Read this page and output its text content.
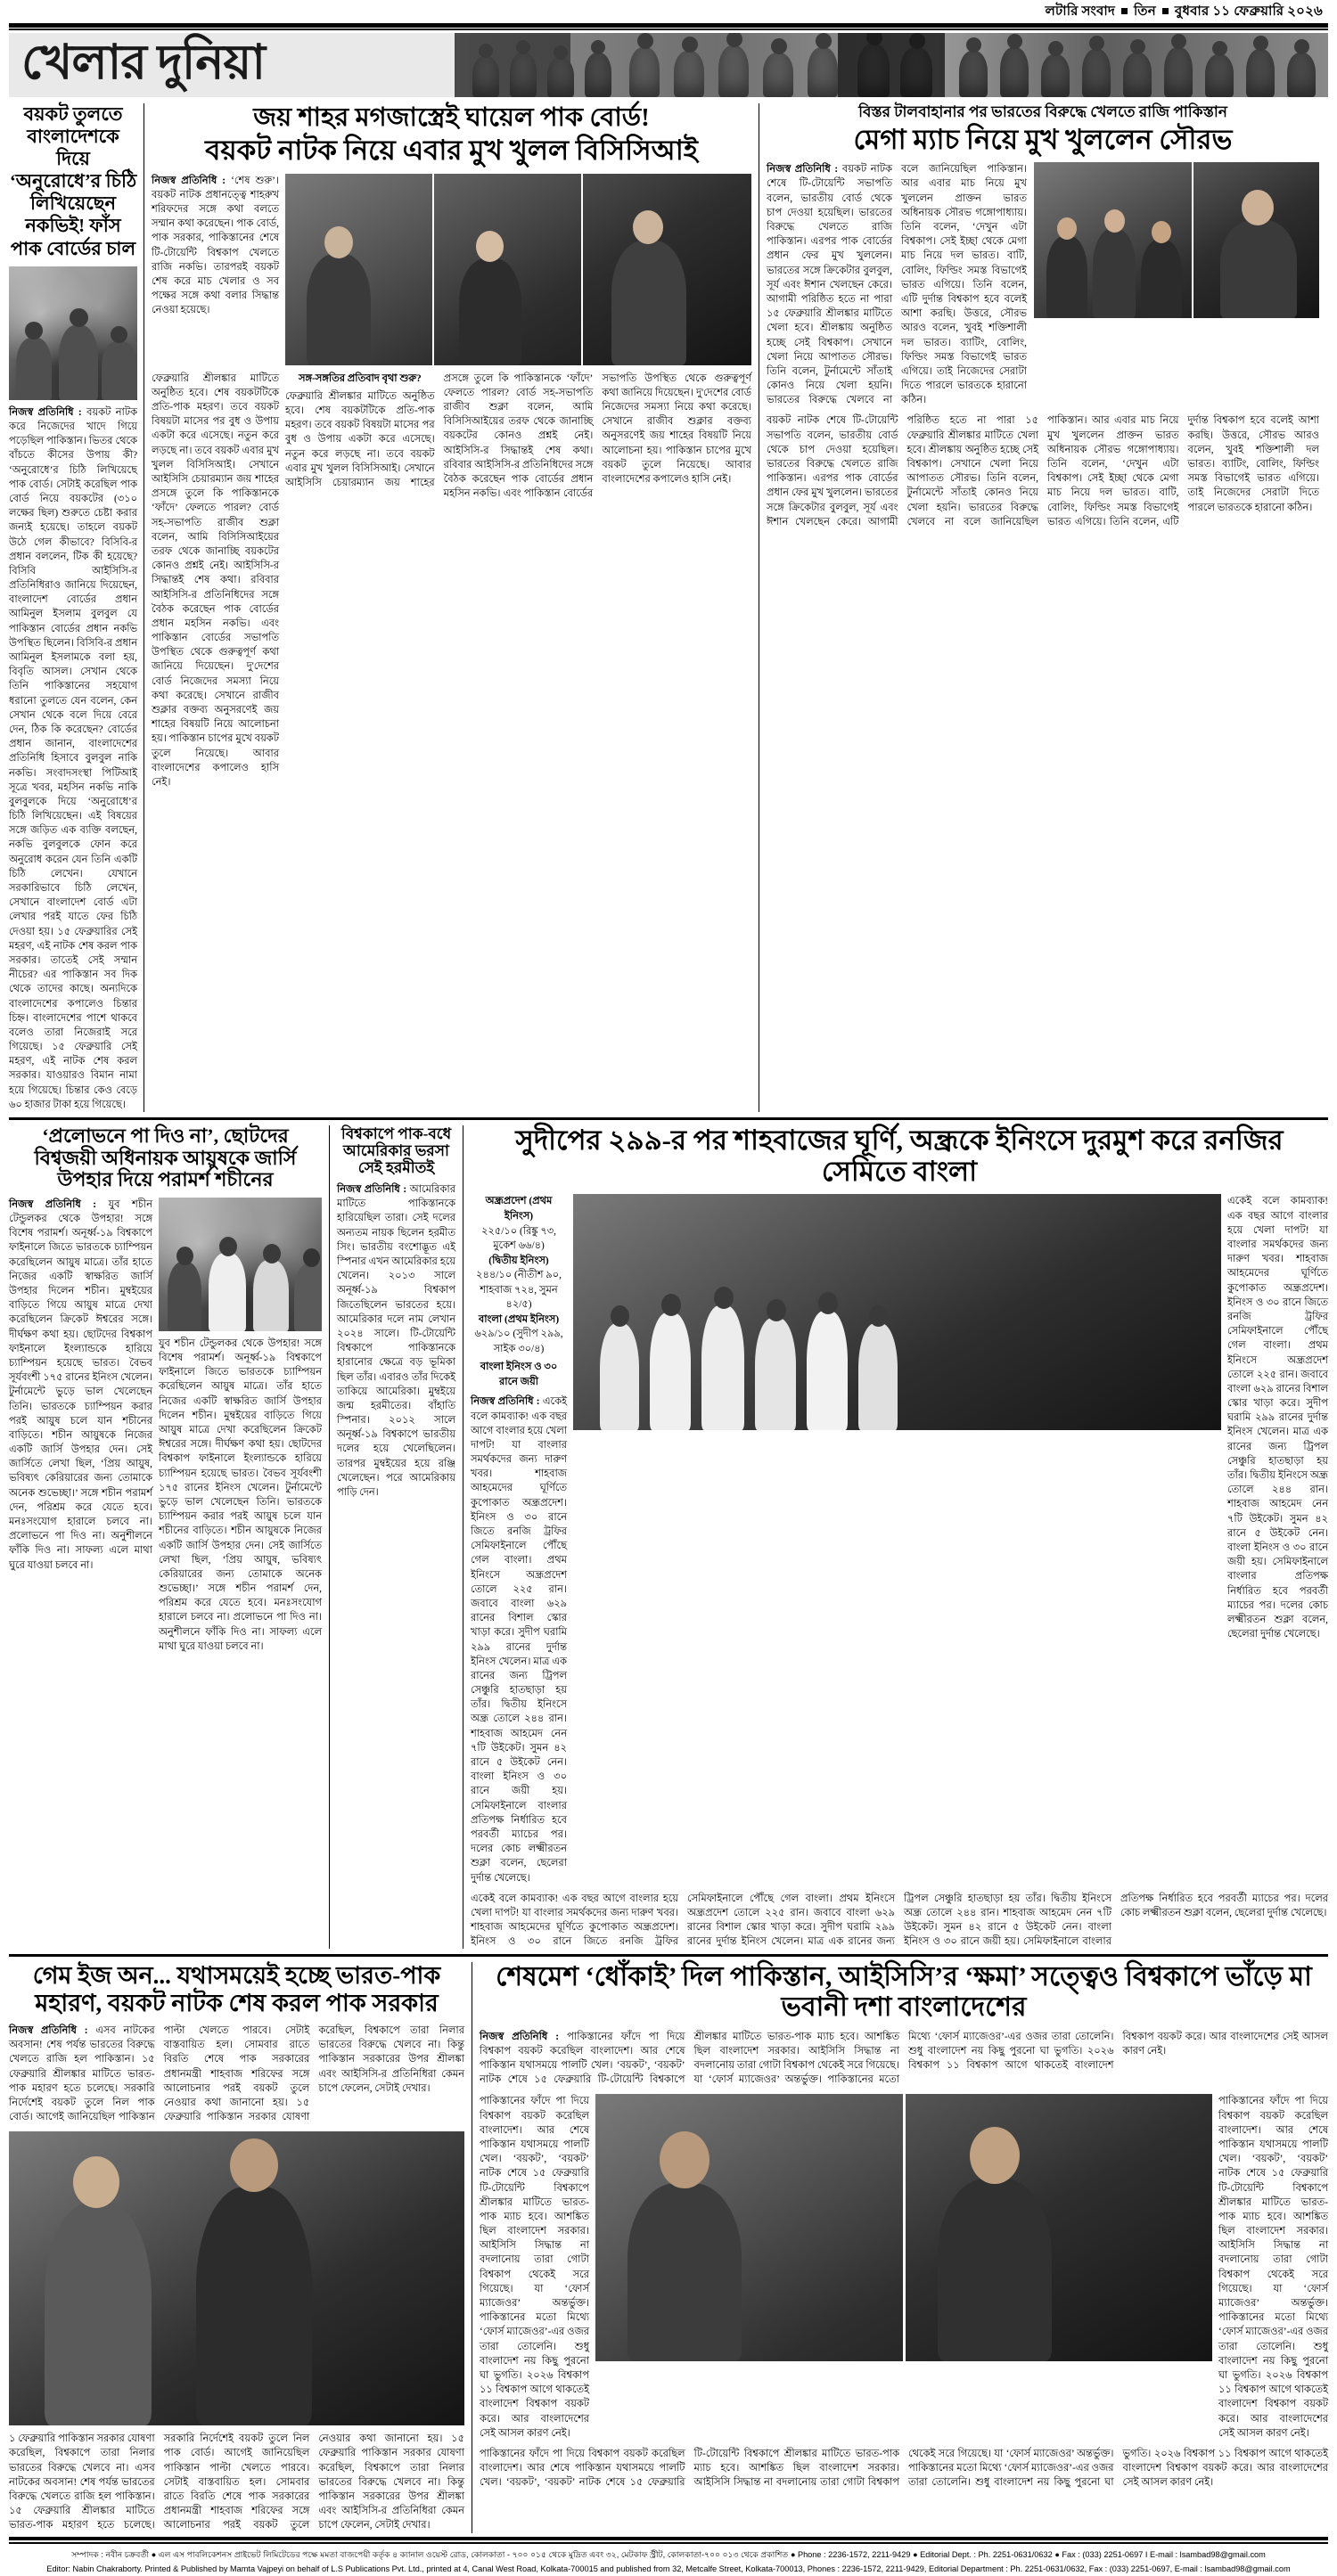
লটারি সংবাদ তিন বুধবার ১১ ফেব্রুয়ারি ২০২৬
খেলার দুনিয়া
বয়কট তুলতে বাংলাদেশকে দিয়ে ‘অনুরোধে’র চিঠি লিখিয়েছেন নকভিই! ফাঁস পাক বোর্ডের চাল
নিজস্ব প্রতিনিধি : বয়কট নাটক করে নিজেদের খাদে গিয়ে পড়েছিল পাকিস্তান। ভিতর থেকে বাঁচতে কীসের উপায় কী? ‘অনুরোধে’র চিঠি লিখিয়েছে পাক বোর্ড। সেটাই করেছিল পাক বোর্ড নিয়ে বয়কটের (৩১০ লক্ষের ছিল) শুরুতে চেষ্টা করার জন্যই হয়েছে। তাহলে বয়কট উঠে গেল কীভাবে? বিসিবি-র প্রধান বললেন, টিক কী হয়েছে? বিসিবি আইসিসি-র প্রতিনিধিরাও জানিয়ে দিয়েছেন, বাংলাদেশ বোর্ডের প্রধান আমিনুল ইসলাম বুলবুল যে পাকিস্তান বোর্ডের প্রধান নকভি উপস্থিত ছিলেন। বিসিবি-র প্রধান আমিনুল ইসলামকে বলা হয়, বিবৃতি আসল। সেখান থেকে তিনি পাকিস্তানের সহযোগ ধরানো তুলতে যেন বলেন, কেন সেখান থেকে বলে দিয়ে বেরে দেন, ঠিক কি করেছেন? বোর্ডের প্রধান জানান, বাংলাদেশের প্রতিনিধি হিসাবে বুলবুল নাকি নকভি। সংবাদসংস্থা পিটিআই সূত্রে খবর, মহসিন নকভি নাকি বুলবুলকে দিয়ে ‘অনুরোধে’র চিঠি লিখিয়েছেন। এই বিষয়ের সঙ্গে জড়িত এক ব্যক্তি বলছেন, নকভি বুলবুলকে ফোন করে অনুরোধ করেন যেন তিনি একটি চিঠি লেখেন। যেখানে সরকারিভাবে চিঠি লেখেন, সেখানে বাংলাদেশ বোর্ড এটা লেখার পরই যাতে ফের চিঠি দেওয়া হয়। ১৫ ফেব্রুয়ারির সেই মহরণ, এই নাটক শেষ করল পাক সরকার। তাতেই সেই সম্মান নীচের? এর পাকিস্তান সব দিক থেকে তাদের কাছে। অন্যদিকে বাংলাদেশের কপালেও চিন্তার চিহ্ন। বাংলাদেশের পাশে থাকবে বলেও তারা নিজেরাই সরে গিয়েছে। ১৫ ফেব্রুয়ারি সেই মহরণ, এই নাটক শেষ করল সরকার। যাওয়ারও বিমান নামা হয়ে গিয়েছে। চিন্তার কেও বেড়ে ৬০ হাজার টাকা হয়ে গিয়েছে।
জয় শাহর মগজাস্ত্রেই ঘায়েল পাক বোর্ড!
বয়কট নাটক নিয়ে এবার মুখ খুলল বিসিসিআই
নিজস্ব প্রতিনিধি : ‘শেষ শুরু’। বয়কট নাটক প্রধানত্ত্বে শাহরুখ শরিফদের সঙ্গে কথা বলতে সম্মান কথা করেছেন। পাক বোর্ড, পাক সরকার, পাকিস্তানের শেষে টি-টোয়েন্টি বিশ্বকাপ খেলতে রাজি নকভি। তারপরই বয়কট শেষ করে মাচ খেলার ও সব পক্ষের সঙ্গে কথা বলার সিদ্ধান্ত নেওয়া হয়েছে।
ফেব্রুয়ারি শ্রীলঙ্কার মাটিতে অনুষ্ঠিত হবে। শেষ বয়কটটিকে প্রতি-পাক মহরণ। তবে বয়কট বিষয়টা মাসের পর বুধ ও উপায় একটা করে এসেছে। নতুন করে লড়ছে না। তবে বয়কট এবার মুখ খুলল বিসিসিআই। সেখানে আইসিসি চেয়ারম্যান জয় শাহের প্রসঙ্গে তুলে কি পাকিস্তানকে ‘ফাঁদে’ ফেলতে পারল? বোর্ড সহ-সভাপতি রাজীব শুক্লা বলেন, আমি বিসিসিআইয়ের তরফ থেকে জানাচ্ছি বয়কটের কোনও প্রশ্নই নেই। আইসিসি-র সিদ্ধান্তই শেষ কথা। রবিবার আইসিসি-র প্রতিনিধিদের সঙ্গে বৈঠক করেছেন পাক বোর্ডের প্রধান মহসিন নকভি। এবং পাকিস্তান বোর্ডের সভাপতি উপস্থিত থেকে গুরুত্বপূর্ণ কথা জানিয়ে দিয়েছেন। দু'দেশের বোর্ড নিজেদের সমস্যা নিয়ে কথা করেছে। সেখানে রাজীব শুক্লার বক্তব্য অনুসরণেই জয় শাহের বিষয়টি নিয়ে আলোচনা হয়। পাকিস্তান চাপের মুখে বয়কট তুলে নিয়েছে। আবার বাংলাদেশের কপালেও হাসি নেই।
সঙ্গ-সঙ্গতির প্রতিবাদ বৃথা শুরু?
ফেব্রুয়ারি শ্রীলঙ্কার মাটিতে অনুষ্ঠিত হবে। শেষ বয়কটটিকে প্রতি-পাক মহরণ। তবে বয়কট বিষয়টা মাসের পর বুধ ও উপায় একটা করে এসেছে। নতুন করে লড়ছে না। তবে বয়কট এবার মুখ খুলল বিসিসিআই। সেখানে আইসিসি চেয়ারম্যান জয় শাহের প্রসঙ্গে তুলে কি পাকিস্তানকে ‘ফাঁদে’ ফেলতে পারল? বোর্ড সহ-সভাপতি রাজীব শুক্লা বলেন, আমি বিসিসিআইয়ের তরফ থেকে জানাচ্ছি বয়কটের কোনও প্রশ্নই নেই। আইসিসি-র সিদ্ধান্তই শেষ কথা। রবিবার আইসিসি-র প্রতিনিধিদের সঙ্গে বৈঠক করেছেন পাক বোর্ডের প্রধান মহসিন নকভি। এবং পাকিস্তান বোর্ডের সভাপতি উপস্থিত থেকে গুরুত্বপূর্ণ কথা জানিয়ে দিয়েছেন। দু'দেশের বোর্ড নিজেদের সমস্যা নিয়ে কথা করেছে। সেখানে রাজীব শুক্লার বক্তব্য অনুসরণেই জয় শাহের বিষয়টি নিয়ে আলোচনা হয়। পাকিস্তান চাপের মুখে বয়কট তুলে নিয়েছে। আবার বাংলাদেশের কপালেও হাসি নেই।
বিস্তর টালবাহানার পর ভারতের বিরুদ্ধে খেলতে রাজি পাকিস্তান
মেগা ম্যাচ নিয়ে মুখ খুললেন সৌরভ
নিজস্ব প্রতিনিধি : বয়কট নাটক শেষে টি-টোয়েন্টি সভাপতি বলেন, ভারতীয় বোর্ড থেকে চাপ দেওয়া হয়েছিল। ভারতের বিরুদ্ধে খেলতে রাজি পাকিস্তান। এরপর পাক বোর্ডের প্রধান ফের মুখ খুললেন। ভারতের সঙ্গে ক্রিকেটার বুলবুল, সূর্য এবং ঈশান খেলছেন কেরে। আগামী পরিষ্ঠিত হতে না পারা ১৫ ফেব্রুয়ারি শ্রীলঙ্কার মাটিতে খেলা হবে। শ্রীলঙ্কায় অনুষ্ঠিত হচ্ছে সেই বিশ্বকাপ। সেখানে খেলা নিয়ে আপাতত সৌরভ। তিনি বলেন, টুর্নামেন্টে সাঁতাই কোনও নিয়ে খেলা হয়নি। ভারতের বিরুদ্ধে খেলবে না বলে জানিয়েছিল পাকিস্তান। আর এবার মাচ নিয়ে মুখ খুললেন প্রাক্তন ভারত অধিনায়ক সৌরভ গঙ্গোপাধ্যায়। তিনি বলেন, ‘দেখুন এটা বিশ্বকাপ। সেই ইচ্ছা থেকে মেগা মাচ নিয়ে দল ভারত। বাটি, বোলিং, ফিল্ডিং সমস্ত বিভাগেই ভারত এগিয়ে। তিনি বলেন, এটি দুর্দান্ত বিশ্বকাপ হবে বলেই আশা করছি। উত্তরে, সৌরভ আরও বলেন, খুবই শক্তিশালী দল ভারত। ব্যাটিং, বোলিং, ফিল্ডিং সমস্ত বিভাগেই ভারত এগিয়ে। তাই নিজেদের সেরাটা দিতে পারলে ভারতকে হারানো কঠিন।
বয়কট নাটক শেষে টি-টোয়েন্টি সভাপতি বলেন, ভারতীয় বোর্ড থেকে চাপ দেওয়া হয়েছিল। ভারতের বিরুদ্ধে খেলতে রাজি পাকিস্তান। এরপর পাক বোর্ডের প্রধান ফের মুখ খুললেন। ভারতের সঙ্গে ক্রিকেটার বুলবুল, সূর্য এবং ঈশান খেলছেন কেরে। আগামী পরিষ্ঠিত হতে না পারা ১৫ ফেব্রুয়ারি শ্রীলঙ্কার মাটিতে খেলা হবে। শ্রীলঙ্কায় অনুষ্ঠিত হচ্ছে সেই বিশ্বকাপ। সেখানে খেলা নিয়ে আপাতত সৌরভ। তিনি বলেন, টুর্নামেন্টে সাঁতাই কোনও নিয়ে খেলা হয়নি। ভারতের বিরুদ্ধে খেলবে না বলে জানিয়েছিল পাকিস্তান। আর এবার মাচ নিয়ে মুখ খুললেন প্রাক্তন ভারত অধিনায়ক সৌরভ গঙ্গোপাধ্যায়। তিনি বলেন, ‘দেখুন এটা বিশ্বকাপ। সেই ইচ্ছা থেকে মেগা মাচ নিয়ে দল ভারত। বাটি, বোলিং, ফিল্ডিং সমস্ত বিভাগেই ভারত এগিয়ে। তিনি বলেন, এটি দুর্দান্ত বিশ্বকাপ হবে বলেই আশা করছি। উত্তরে, সৌরভ আরও বলেন, খুবই শক্তিশালী দল ভারত। ব্যাটিং, বোলিং, ফিল্ডিং সমস্ত বিভাগেই ভারত এগিয়ে। তাই নিজেদের সেরাটা দিতে পারলে ভারতকে হারানো কঠিন।
‘প্রলোভনে পা দিও না’, ছোটদের বিশ্বজয়ী অধিনায়ক আয়ুষকে জার্সি উপহার দিয়ে পরামর্শ শচীনের
নিজস্ব প্রতিনিধি : যুব শচীন টেন্ডুলকর থেকে উপহার! সঙ্গে বিশেষ পরামর্শ। অনূর্ধ্ব-১৯ বিশ্বকাপে ফাইনালে জিতে ভারতকে চ্যাম্পিয়ন করেছিলেন আয়ুষ মাত্রে। তাঁর হাতে নিজের একটি স্বাক্ষরিত জার্সি উপহার দিলেন শচীন। মুম্বইয়ের বাড়িতে গিয়ে আয়ুষ মাত্রে দেখা করেছিলেন ক্রিকেট ঈশ্বরের সঙ্গে। দীর্ঘক্ষণ কথা হয়। ছোটদের বিশ্বকাপ ফাইনালে ইংল্যান্ডকে হারিয়ে চ্যাম্পিয়ন হয়েছে ভারত। বৈভব সূর্যবংশী ১৭৫ রানের ইনিংস খেলেন। টুর্নামেন্টে ভুড়ে ভাল খেলেছেন তিনি। ভারতকে চ্যাম্পিয়ন করার পরই আয়ুষ চলে যান শচীনের বাড়িতে। শচীন আয়ুষকে নিজের একটি জার্সি উপহার দেন। সেই জার্সিতে লেখা ছিল, ‘প্রিয় আয়ুষ, ভবিষ্যৎ কেরিয়ারের জন্য তোমাকে অনেক শুভেচ্ছা।’ সঙ্গে শচীন পরামর্শ দেন, পরিশ্রম করে যেতে হবে। মনঃসংযোগ হারালে চলবে না। প্রলোভনে পা দিও না। অনুশীলনে ফাঁকি দিও না। সাফল্য এলে মাথা ঘুরে যাওয়া চলবে না।
যুব শচীন টেন্ডুলকর থেকে উপহার! সঙ্গে বিশেষ পরামর্শ। অনূর্ধ্ব-১৯ বিশ্বকাপে ফাইনালে জিতে ভারতকে চ্যাম্পিয়ন করেছিলেন আয়ুষ মাত্রে। তাঁর হাতে নিজের একটি স্বাক্ষরিত জার্সি উপহার দিলেন শচীন। মুম্বইয়ের বাড়িতে গিয়ে আয়ুষ মাত্রে দেখা করেছিলেন ক্রিকেট ঈশ্বরের সঙ্গে। দীর্ঘক্ষণ কথা হয়। ছোটদের বিশ্বকাপ ফাইনালে ইংল্যান্ডকে হারিয়ে চ্যাম্পিয়ন হয়েছে ভারত। বৈভব সূর্যবংশী ১৭৫ রানের ইনিংস খেলেন। টুর্নামেন্টে ভুড়ে ভাল খেলেছেন তিনি। ভারতকে চ্যাম্পিয়ন করার পরই আয়ুষ চলে যান শচীনের বাড়িতে। শচীন আয়ুষকে নিজের একটি জার্সি উপহার দেন। সেই জার্সিতে লেখা ছিল, ‘প্রিয় আয়ুষ, ভবিষ্যৎ কেরিয়ারের জন্য তোমাকে অনেক শুভেচ্ছা।’ সঙ্গে শচীন পরামর্শ দেন, পরিশ্রম করে যেতে হবে। মনঃসংযোগ হারালে চলবে না। প্রলোভনে পা দিও না। অনুশীলনে ফাঁকি দিও না। সাফল্য এলে মাথা ঘুরে যাওয়া চলবে না।
বিশ্বকাপে পাক-বধে আমেরিকার ভরসা সেই হরমীতই
নিজস্ব প্রতিনিধি : আমেরিকার মাটিতে পাকিস্তানকে হারিয়েছিল তারা। সেই দলের অন্যতম নায়ক ছিলেন হরমীত সিং। ভারতীয় বংশোদ্ভূত এই স্পিনার এখন আমেরিকার হয়ে খেলেন। ২০১৩ সালে অনূর্ধ্ব-১৯ বিশ্বকাপ জিতেছিলেন ভারতের হয়ে। আমেরিকার দলে নাম লেখান ২০২৪ সালে। টি-টোয়েন্টি বিশ্বকাপে পাকিস্তানকে হারানোর ক্ষেত্রে বড় ভূমিকা ছিল তাঁর। এবারও তাঁর দিকেই তাকিয়ে আমেরিকা। মুম্বইয়ে জন্ম হরমীতের। বাঁহাতি স্পিনার। ২০১২ সালে অনূর্ধ্ব-১৯ বিশ্বকাপে ভারতীয় দলের হয়ে খেলেছিলেন। তারপর মুম্বইয়ের হয়ে রঞ্জি খেলেছেন। পরে আমেরিকায় পাড়ি দেন।
সুদীপের ২৯৯-র পর শাহবাজের ঘূর্ণি, অন্ধ্রকে ইনিংসে দুরমুশ করে রনজির সেমিতে বাংলা
অন্ধ্রপ্রদেশ (প্রথম ইনিংস)
২২৫/১০ (রিঙ্কু ৭৩, মুকেশ ৬৬/৪)
(দ্বিতীয় ইনিংস)
২৪৪/১০ (নীতীশ ৯০, শাহবাজ ৭২৪, সুমন ৪২/৫)
বাংলা (প্রথম ইনিংস)
৬২৯/১০ (সুদীপ ২৯৯, সাইক ৩০/৪)
বাংলা ইনিংস ও ৩০ রানে জয়ী
নিজস্ব প্রতিনিধি : একেই বলে কামব্যাক! এক বছর আগে বাংলার হয়ে খেলা দাপট! যা বাংলার সমর্থকদের জন্য দারুণ খবর। শাহবাজ আহমেদের ঘূর্ণিতে কুপোকাত অন্ধ্রপ্রদেশ। ইনিংস ও ৩০ রানে জিতে রনজি ট্রফির সেমিফাইনালে পৌঁছে গেল বাংলা। প্রথম ইনিংসে অন্ধ্রপ্রদেশ তোলে ২২৫ রান। জবাবে বাংলা ৬২৯ রানের বিশাল স্কোর খাড়া করে। সুদীপ ঘরামি ২৯৯ রানের দুর্দান্ত ইনিংস খেলেন। মাত্র এক রানের জন্য ট্রিপল সেঞ্চুরি হাতছাড়া হয় তাঁর। দ্বিতীয় ইনিংসে অন্ধ্র তোলে ২৪৪ রান। শাহবাজ আহমেদ নেন ৭টি উইকেট। সুমন ৪২ রানে ৫ উইকেট নেন। বাংলা ইনিংস ও ৩০ রানে জয়ী হয়। সেমিফাইনালে বাংলার প্রতিপক্ষ নির্ধারিত হবে পরবর্তী ম্যাচের পর। দলের কোচ লক্ষ্মীরতন শুক্লা বলেন, ছেলেরা দুর্দান্ত খেলেছে।
একেই বলে কামব্যাক! এক বছর আগে বাংলার হয়ে খেলা দাপট! যা বাংলার সমর্থকদের জন্য দারুণ খবর। শাহবাজ আহমেদের ঘূর্ণিতে কুপোকাত অন্ধ্রপ্রদেশ। ইনিংস ও ৩০ রানে জিতে রনজি ট্রফির সেমিফাইনালে পৌঁছে গেল বাংলা। প্রথম ইনিংসে অন্ধ্রপ্রদেশ তোলে ২২৫ রান। জবাবে বাংলা ৬২৯ রানের বিশাল স্কোর খাড়া করে। সুদীপ ঘরামি ২৯৯ রানের দুর্দান্ত ইনিংস খেলেন। মাত্র এক রানের জন্য ট্রিপল সেঞ্চুরি হাতছাড়া হয় তাঁর। দ্বিতীয় ইনিংসে অন্ধ্র তোলে ২৪৪ রান। শাহবাজ আহমেদ নেন ৭টি উইকেট। সুমন ৪২ রানে ৫ উইকেট নেন। বাংলা ইনিংস ও ৩০ রানে জয়ী হয়। সেমিফাইনালে বাংলার প্রতিপক্ষ নির্ধারিত হবে পরবর্তী ম্যাচের পর। দলের কোচ লক্ষ্মীরতন শুক্লা বলেন, ছেলেরা দুর্দান্ত খেলেছে।
একেই বলে কামব্যাক! এক বছর আগে বাংলার হয়ে খেলা দাপট! যা বাংলার সমর্থকদের জন্য দারুণ খবর। শাহবাজ আহমেদের ঘূর্ণিতে কুপোকাত অন্ধ্রপ্রদেশ। ইনিংস ও ৩০ রানে জিতে রনজি ট্রফির সেমিফাইনালে পৌঁছে গেল বাংলা। প্রথম ইনিংসে অন্ধ্রপ্রদেশ তোলে ২২৫ রান। জবাবে বাংলা ৬২৯ রানের বিশাল স্কোর খাড়া করে। সুদীপ ঘরামি ২৯৯ রানের দুর্দান্ত ইনিংস খেলেন। মাত্র এক রানের জন্য ট্রিপল সেঞ্চুরি হাতছাড়া হয় তাঁর। দ্বিতীয় ইনিংসে অন্ধ্র তোলে ২৪৪ রান। শাহবাজ আহমেদ নেন ৭টি উইকেট। সুমন ৪২ রানে ৫ উইকেট নেন। বাংলা ইনিংস ও ৩০ রানে জয়ী হয়। সেমিফাইনালে বাংলার প্রতিপক্ষ নির্ধারিত হবে পরবর্তী ম্যাচের পর। দলের কোচ লক্ষ্মীরতন শুক্লা বলেন, ছেলেরা দুর্দান্ত খেলেছে।
গেম ইজ অন... যথাসময়েই হচ্ছে ভারত-পাক মহারণ, বয়কট নাটক শেষ করল পাক সরকার
নিজস্ব প্রতিনিধি : এসব নাটকের অবসান! শেষ পর্যন্ত ভারতের বিরুদ্ধে খেলতে রাজি হল পাকিস্তান। ১৫ ফেব্রুয়ারি শ্রীলঙ্কার মাটিতে ভারত-পাক মহারণ হতে চলেছে। সরকারি নির্দেশেই বয়কট তুলে নিল পাক বোর্ড। আগেই জানিয়েছিল পাকিস্তান পাল্টা খেলতে পারবে। সেটাই বাস্তবায়িত হল। সোমবার রাতে বিরতি শেষে পাক সরকারের প্রধানমন্ত্রী শাহবাজ শরিফের সঙ্গে আলোচনার পরই বয়কট তুলে নেওয়ার কথা জানানো হয়। ১৫ ফেব্রুয়ারি পাকিস্তান সরকার যোষণা করেছিল, বিশ্বকাপে তারা নিলার ভারতের বিরুদ্ধে খেলবে না। কিন্তু পাকিস্তান সরকারের উপর শ্রীলঙ্কা এবং আইসিসি-র প্রতিনিধিরা কেমন চাপে ফেলেন, সেটাই দেখার।
১ ফেব্রুয়ারি পাকিস্তান সরকার যোষণা করেছিল, বিশ্বকাপে তারা নিলার ভারতের বিরুদ্ধে খেলবে না। এসব নাটকের অবসান! শেষ পর্যন্ত ভারতের বিরুদ্ধে খেলতে রাজি হল পাকিস্তান। ১৫ ফেব্রুয়ারি শ্রীলঙ্কার মাটিতে ভারত-পাক মহারণ হতে চলেছে। সরকারি নির্দেশেই বয়কট তুলে নিল পাক বোর্ড। আগেই জানিয়েছিল পাকিস্তান পাল্টা খেলতে পারবে। সেটাই বাস্তবায়িত হল। সোমবার রাতে বিরতি শেষে পাক সরকারের প্রধানমন্ত্রী শাহবাজ শরিফের সঙ্গে আলোচনার পরই বয়কট তুলে নেওয়ার কথা জানানো হয়। ১৫ ফেব্রুয়ারি পাকিস্তান সরকার যোষণা করেছিল, বিশ্বকাপে তারা নিলার ভারতের বিরুদ্ধে খেলবে না। কিন্তু পাকিস্তান সরকারের উপর শ্রীলঙ্কা এবং আইসিসি-র প্রতিনিধিরা কেমন চাপে ফেলেন, সেটাই দেখার।
শেষমেশ ‘ধোঁকাই’ দিল পাকিস্তান, আইসিসি’র ‘ক্ষমা’ সত্ত্বেও বিশ্বকাপে ভাঁড়ে মা ভবানী দশা বাংলাদেশের
নিজস্ব প্রতিনিধি : পাকিস্তানের ফাঁদে পা দিয়ে বিশ্বকাপ বয়কট করেছিল বাংলাদেশ। আর শেষে পাকিস্তান যথাসময়ে পালটি খেল। ‘বয়কট’, ‘বয়কট’ নাটক শেষে ১৫ ফেব্রুয়ারি টি-টোয়েন্টি বিশ্বকাপে শ্রীলঙ্কার মাটিতে ভারত-পাক ম্যাচ হবে। আশঙ্কিত ছিল বাংলাদেশ সরকার। আইসিসি সিদ্ধান্ত না বদলানোয় তারা গোটা বিশ্বকাপ থেকেই সরে গিয়েছে। যা ‘ফোর্স ম্যাজেওর’ অন্তর্ভুক্ত। পাকিস্তানের মতো মিথ্যে ‘ফোর্স ম্যাজেওর’-এর ওজর তারা তোলেনি। শুধু বাংলাদেশ নয় কিছু পুরনো ঘা ভুগতি। ২০২৬ বিশ্বকাপ ১১ বিশ্বকাপ আগে থাকতেই বাংলাদেশ বিশ্বকাপ বয়কট করে। আর বাংলাদেশের সেই আসল কারণ নেই।
পাকিস্তানের ফাঁদে পা দিয়ে বিশ্বকাপ বয়কট করেছিল বাংলাদেশ। আর শেষে পাকিস্তান যথাসময়ে পালটি খেল। ‘বয়কট’, ‘বয়কট’ নাটক শেষে ১৫ ফেব্রুয়ারি টি-টোয়েন্টি বিশ্বকাপে শ্রীলঙ্কার মাটিতে ভারত-পাক ম্যাচ হবে। আশঙ্কিত ছিল বাংলাদেশ সরকার। আইসিসি সিদ্ধান্ত না বদলানোয় তারা গোটা বিশ্বকাপ থেকেই সরে গিয়েছে। যা ‘ফোর্স ম্যাজেওর’ অন্তর্ভুক্ত। পাকিস্তানের মতো মিথ্যে ‘ফোর্স ম্যাজেওর’-এর ওজর তারা তোলেনি। শুধু বাংলাদেশ নয় কিছু পুরনো ঘা ভুগতি। ২০২৬ বিশ্বকাপ ১১ বিশ্বকাপ আগে থাকতেই বাংলাদেশ বিশ্বকাপ বয়কট করে। আর বাংলাদেশের সেই আসল কারণ নেই।
পাকিস্তানের ফাঁদে পা দিয়ে বিশ্বকাপ বয়কট করেছিল বাংলাদেশ। আর শেষে পাকিস্তান যথাসময়ে পালটি খেল। ‘বয়কট’, ‘বয়কট’ নাটক শেষে ১৫ ফেব্রুয়ারি টি-টোয়েন্টি বিশ্বকাপে শ্রীলঙ্কার মাটিতে ভারত-পাক ম্যাচ হবে। আশঙ্কিত ছিল বাংলাদেশ সরকার। আইসিসি সিদ্ধান্ত না বদলানোয় তারা গোটা বিশ্বকাপ থেকেই সরে গিয়েছে। যা ‘ফোর্স ম্যাজেওর’ অন্তর্ভুক্ত। পাকিস্তানের মতো মিথ্যে ‘ফোর্স ম্যাজেওর’-এর ওজর তারা তোলেনি। শুধু বাংলাদেশ নয় কিছু পুরনো ঘা ভুগতি। ২০২৬ বিশ্বকাপ ১১ বিশ্বকাপ আগে থাকতেই বাংলাদেশ বিশ্বকাপ বয়কট করে। আর বাংলাদেশের সেই আসল কারণ নেই।
পাকিস্তানের ফাঁদে পা দিয়ে বিশ্বকাপ বয়কট করেছিল বাংলাদেশ। আর শেষে পাকিস্তান যথাসময়ে পালটি খেল। ‘বয়কট’, ‘বয়কট’ নাটক শেষে ১৫ ফেব্রুয়ারি টি-টোয়েন্টি বিশ্বকাপে শ্রীলঙ্কার মাটিতে ভারত-পাক ম্যাচ হবে। আশঙ্কিত ছিল বাংলাদেশ সরকার। আইসিসি সিদ্ধান্ত না বদলানোয় তারা গোটা বিশ্বকাপ থেকেই সরে গিয়েছে। যা ‘ফোর্স ম্যাজেওর’ অন্তর্ভুক্ত। পাকিস্তানের মতো মিথ্যে ‘ফোর্স ম্যাজেওর’-এর ওজর তারা তোলেনি। শুধু বাংলাদেশ নয় কিছু পুরনো ঘা ভুগতি। ২০২৬ বিশ্বকাপ ১১ বিশ্বকাপ আগে থাকতেই বাংলাদেশ বিশ্বকাপ বয়কট করে। আর বাংলাদেশের সেই আসল কারণ নেই।
সম্পাদক : নবীন চক্রবর্তী ● এল এস পাবলিকেশনস প্রাইভেট লিমিটেডের পক্ষে মমতা বাজপেয়ী কর্তৃক ৪ ক্যানাল ওয়েস্ট রোড, কোলকাতা - ৭০০ ০১৫ থেকে মুদ্রিত এবং ৩২, মেটকাফ স্ট্রীট, কোলকাতা-৭০০ ০১৩ থেকে প্রকাশিত ● Phone : 2236-1572, 2211-9429 ● Editorial Dept. : Ph. 2251-0631/0632 ● Fax : (033) 2251-0697 I E-mail : lsambad98@gmail.com
Editor: Nabin Chakraborty. Printed & Published by Mamta Vajpeyi on behalf of L.S Publications Pvt. Ltd., printed at 4, Canal West Road, Kolkata-700015 and published from 32, Metcalfe Street, Kolkata-700013, Phones : 2236-1572, 2211-9429, Editorial Department : Ph. 2251-0631/0632, Fax : (033) 2251-0697, E-mail : lsambad98@gmail.com
